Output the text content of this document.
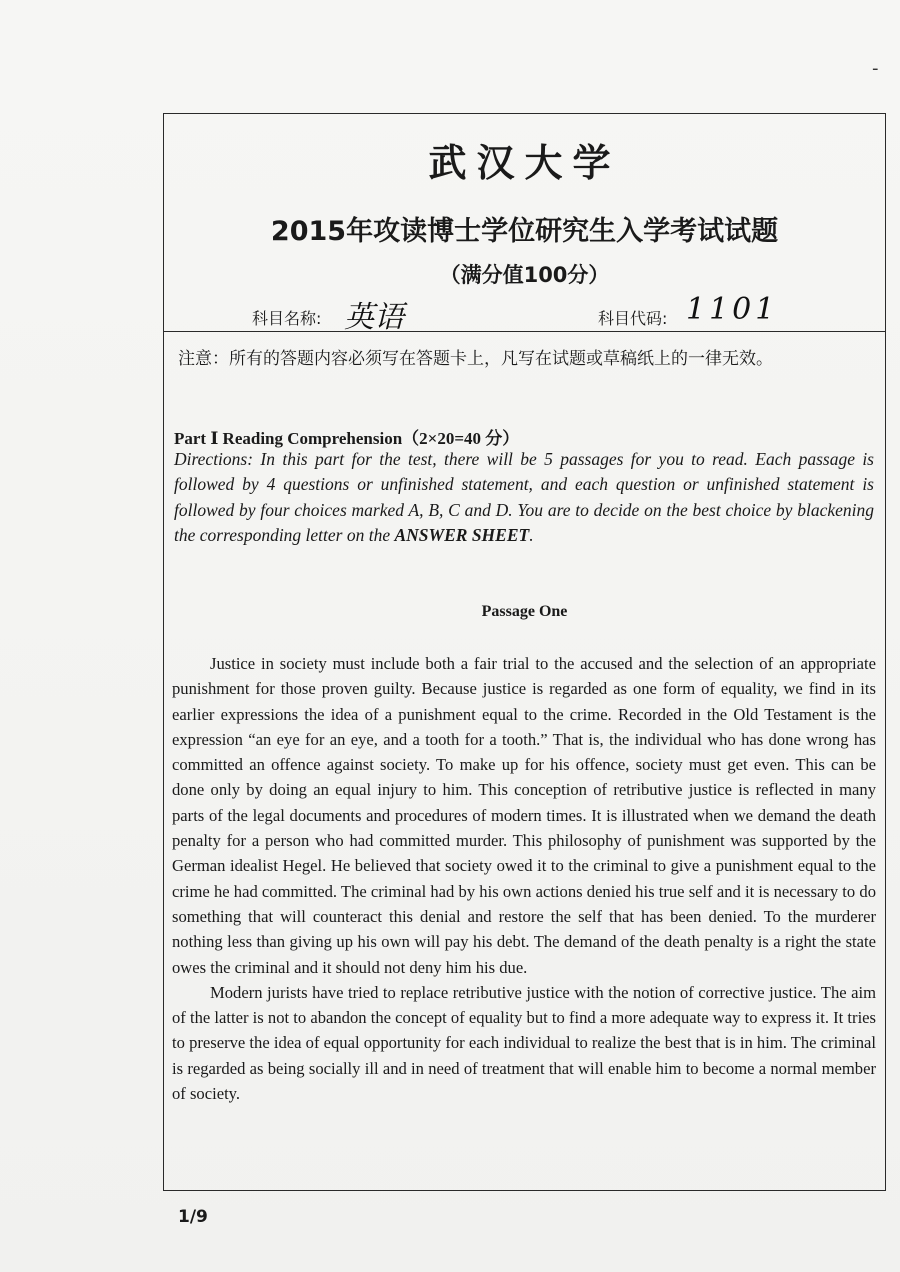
-
武汉大学
2015年攻读博士学位研究生入学考试试题
（满分值100分）
科目名称: 英语	科目代码: 1101
注意：所有的答题内容必须写在答题卡上，凡写在试题或草稿纸上的一律无效。
Part Ⅰ Reading Comprehension（2×20=40 分）
Directions: In this part for the test, there will be 5 passages for you to read. Each passage is followed by 4 questions or unfinished statement, and each question or unfinished statement is followed by four choices marked A, B, C and D. You are to decide on the best choice by blackening the corresponding letter on the ANSWER SHEET.
Passage One

Justice in society must include both a fair trial to the accused and the selection of an appropriate punishment for those proven guilty. Because justice is regarded as one form of equality, we find in its earlier expressions the idea of a punishment equal to the crime. Recorded in the Old Testament is the expression “an eye for an eye, and a tooth for a tooth.” That is, the individual who has done wrong has committed an offence against society. To make up for his offence, society must get even. This can be done only by doing an equal injury to him. This conception of retributive justice is reflected in many parts of the legal documents and procedures of modern times. It is illustrated when we demand the death penalty for a person who had committed murder. This philosophy of punishment was supported by the German idealist Hegel. He believed that society owed it to the criminal to give a punishment equal to the crime he had committed. The criminal had by his own actions denied his true self and it is necessary to do something that will counteract this denial and restore the self that has been denied. To the murderer nothing less than giving up his own will pay his debt. The demand of the death penalty is a right the state owes the criminal and it should not deny him his due.

Modern jurists have tried to replace retributive justice with the notion of corrective justice. The aim of the latter is not to abandon the concept of equality but to find a more adequate way to express it. It tries to preserve the idea of equal opportunity for each individual to realize the best that is in him. The criminal is regarded as being socially ill and in need of treatment that will enable him to become a normal member of society.

1/9
